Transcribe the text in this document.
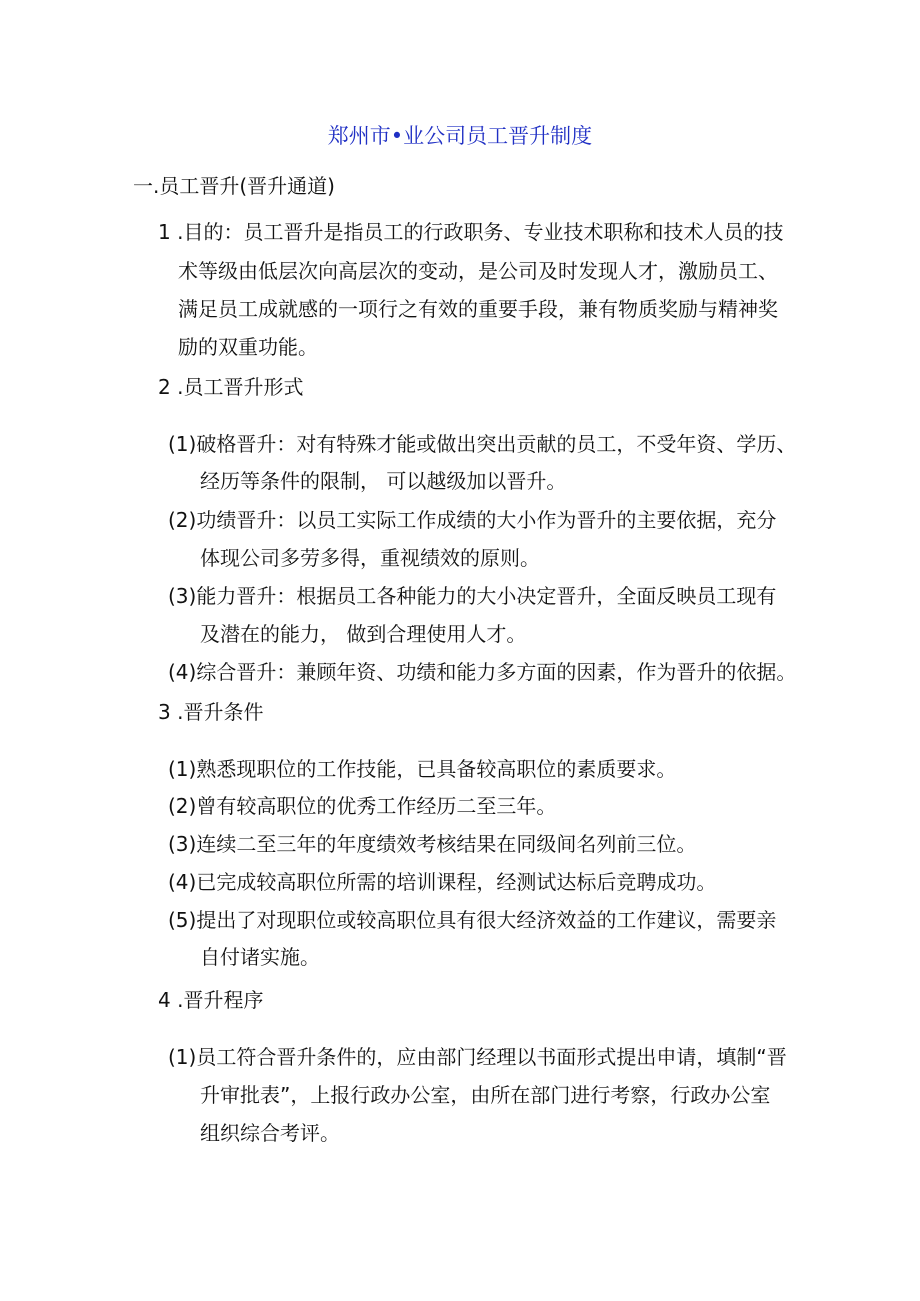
郑州市•业公司员工晋升制度
一.员工晋升(晋升通道)
1 .目的：员工晋升是指员工的行政职务、专业技术职称和技术人员的技
术等级由低层次向高层次的变动，是公司及时发现人才，激励员工、
满足员工成就感的一项行之有效的重要手段，兼有物质奖励与精神奖
励的双重功能。
2 .员工晋升形式
(1)破格晋升：对有特殊才能或做出突出贡献的员工，不受年资、学历、
经历等条件的限制， 可以越级加以晋升。
(2)功绩晋升：以员工实际工作成绩的大小作为晋升的主要依据，充分
体现公司多劳多得，重视绩效的原则。
(3)能力晋升：根据员工各种能力的大小决定晋升，全面反映员工现有
及潜在的能力， 做到合理使用人才。
(4)综合晋升：兼顾年资、功绩和能力多方面的因素，作为晋升的依据。
3 .晋升条件
(1)熟悉现职位的工作技能，已具备较高职位的素质要求。
(2)曾有较高职位的优秀工作经历二至三年。
(3)连续二至三年的年度绩效考核结果在同级间名列前三位。
(4)已完成较高职位所需的培训课程，经测试达标后竞聘成功。
(5)提出了对现职位或较高职位具有很大经济效益的工作建议，需要亲
自付诸实施。
4 .晋升程序
(1)员工符合晋升条件的，应由部门经理以书面形式提出申请，填制“晋
升审批表”，上报行政办公室，由所在部门进行考察，行政办公室
组织综合考评。
